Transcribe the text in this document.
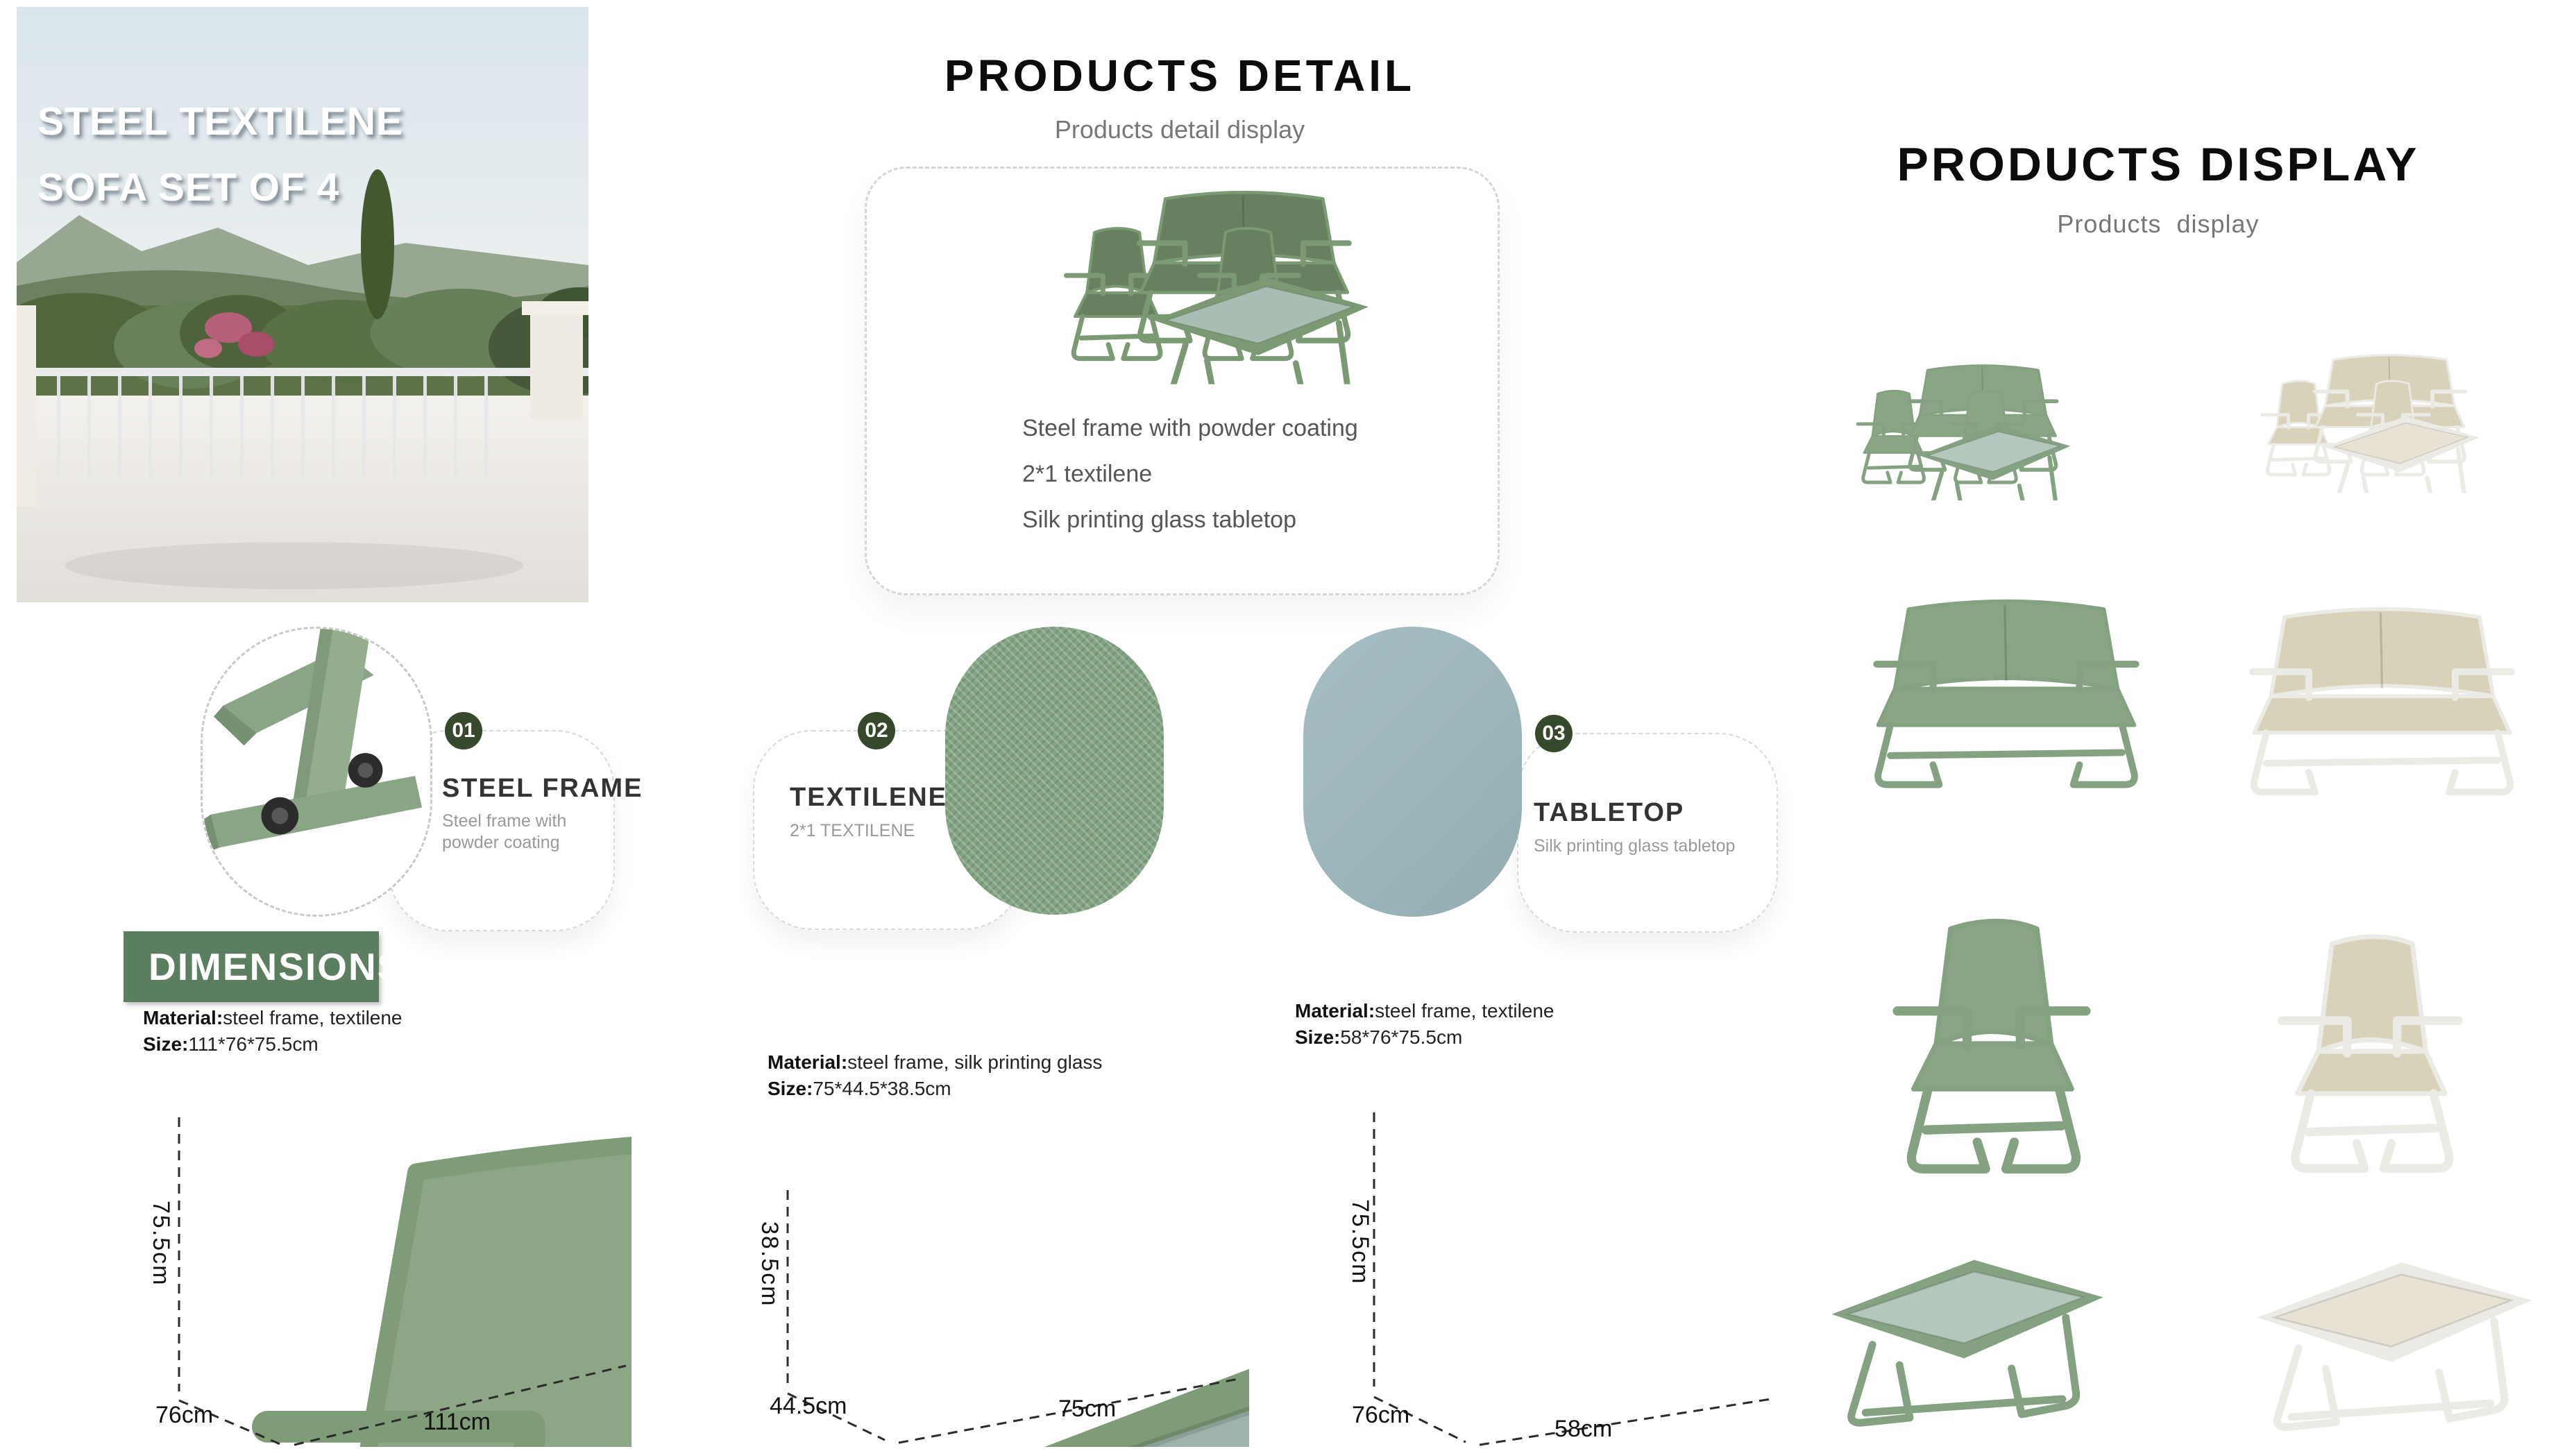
STEEL TEXTILENE
SOFA SET OF 4
PRODUCTS DETAIL
Products detail display
Steel frame with powder coating
2*1 textilene
Silk printing glass tabletop
PRODUCTS DISPLAY
Products  display
01
STEEL FRAME
Steel frame with powder coating
02
TEXTILENE
2*1 TEXTILENE
03
TABLETOP
Silk printing glass tabletop
DIMENSIONS
Material:steel frame, textilene
Size:111*76*75.5cm
Material:steel frame, silk printing glass
Size:75*44.5*38.5cm
Material:steel frame, textilene
Size:58*76*75.5cm
75.5cm
76cm	111cm
38.5cm
44.5cm	75cm
75.5cm
76cm
58cm
